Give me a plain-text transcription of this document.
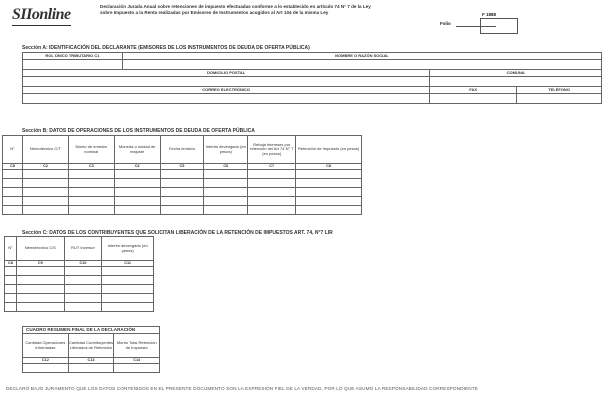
SIIonline	Declaración Jurada Anual sobre retenciones de impuesto efectuadas conforme a lo establecido en artículo 74 N° 7 de la Ley
sobre Impuesto a la Renta realizadas por Emisores de Instrumentos acogidos al Art 104 de la misma Ley	F 1888
Folio
Sección A: IDENTIFICACIÓN DEL DECLARANTE (EMISORES DE LOS INSTRUMENTOS DE DEUDA DE OFERTA PÚBLICA)
ROL ÚNICO TRIBUTARIO C1	NOMBRE O RAZÓN SOCIAL		

DOMICILIO POSTAL		COMUNA	

CORREO ELECTRÓNICO		FAX	TELÉFONO

Sección B: DATOS DE OPERACIONES DE LOS INSTRUMENTOS DE DEUDA DE OFERTA PÚBLICA
N°	Nemotécnico C/T	Monto de emisión nominal	Moneda o unidad de reajuste	Fecha emisión	Interés devengado (en pesos)	Rebaja Intereses por retención del Art 74 N° 7 (en pesos)	Retención de Impuesto (en pesos)
C8	C2	C3	C4	C5	C6	C7	C8

Sección C: DATOS DE LOS CONTRIBUYENTES QUE SOLICITAN LIBERACIÓN DE LA RETENCIÓN DE IMPUESTOS ART. 74, N°7 LIR
N°	Nemotécnico C/S	RUT Inversor	Interés devengado (en pesos)
C8	C9	C10	C11

CUADRO RESUMEN FINAL DE LA DECLARACIÓN		
Cantidad Operaciones Informadas	Cantidad Contribuyentes Liberados de Retención	Monto Total Retención de Impuesto
C12	C13	C14

DECLARO BAJO JURAMENTO QUE LOS DATOS CONTENIDOS EN EL PRESENTE DOCUMENTO SON LA EXPRESIÓN FIEL DE LA VERDAD, POR LO QUE ASUMO LA RESPONSABILIDAD CORRESPONDIENTE
